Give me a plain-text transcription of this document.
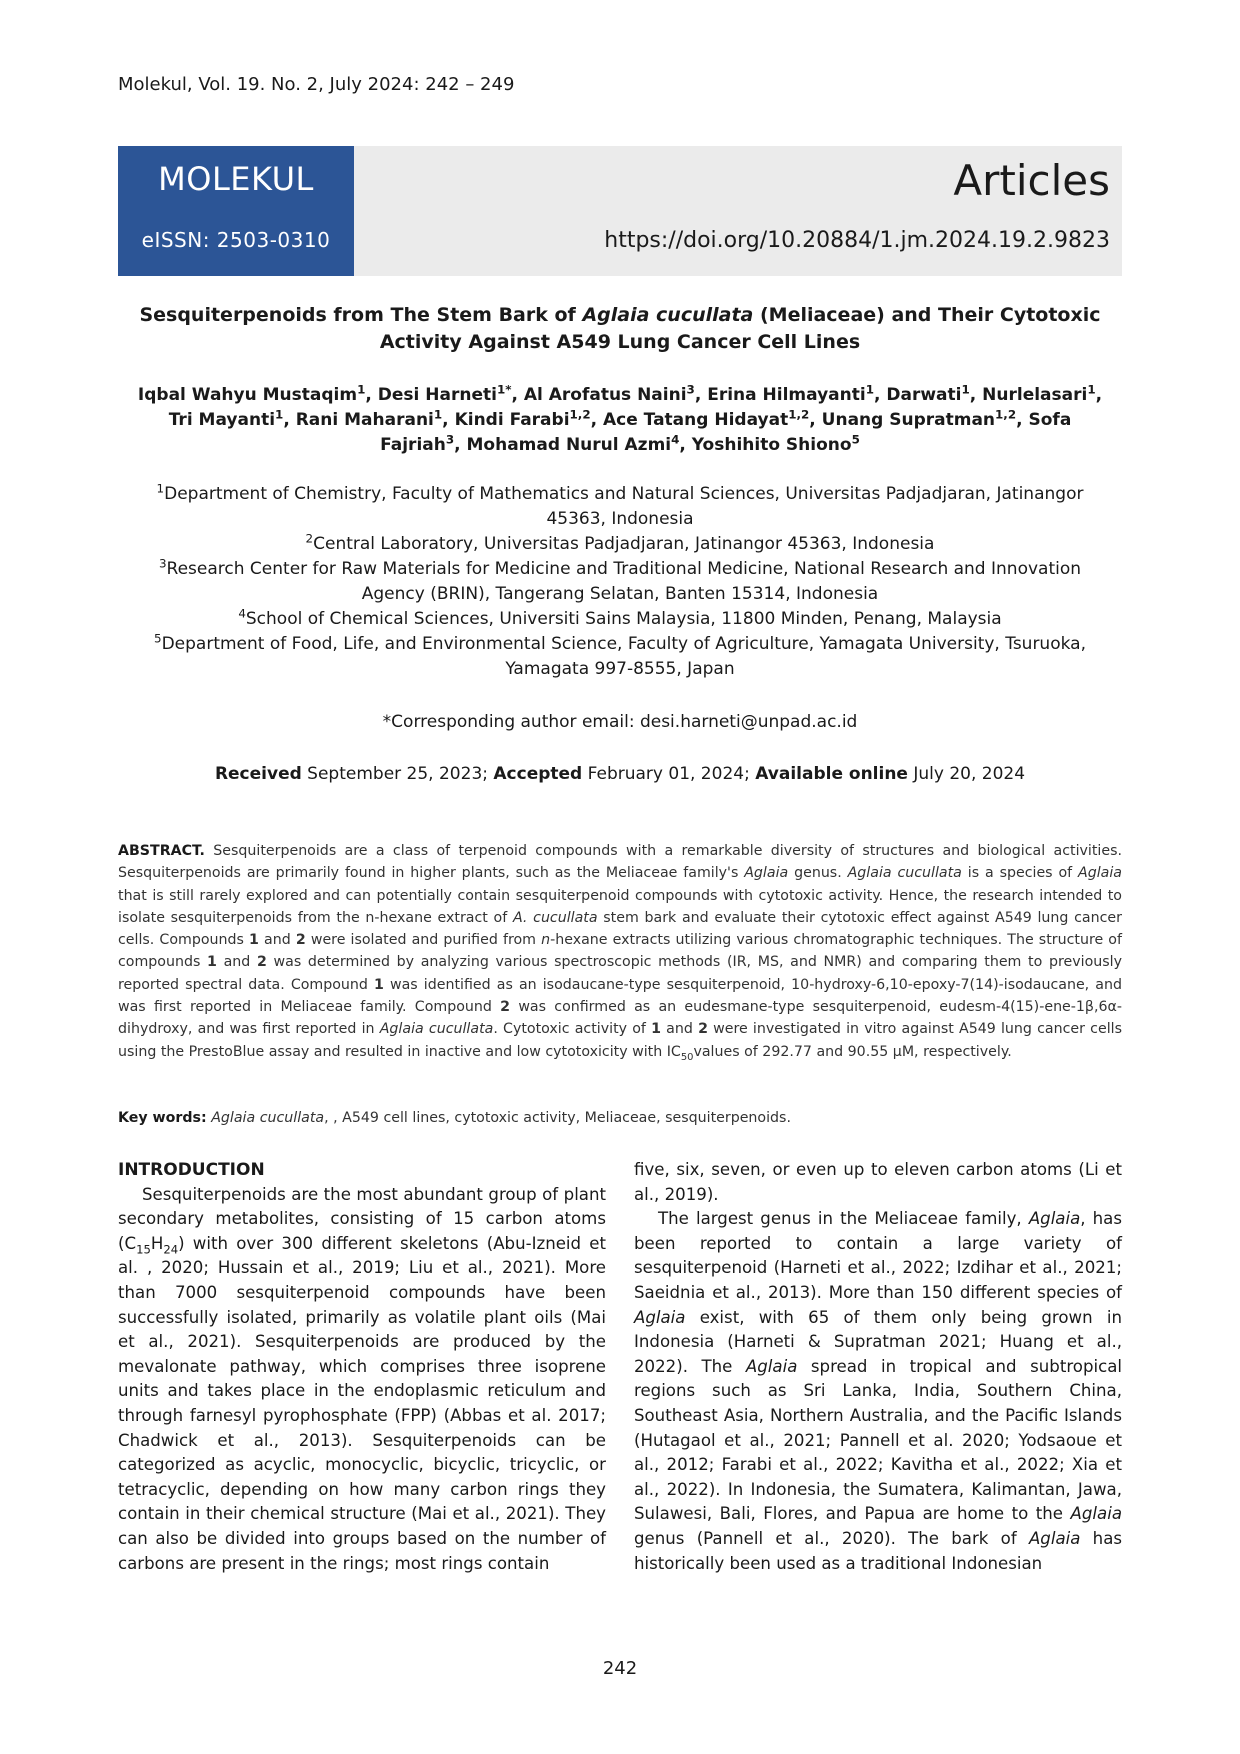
Molekul, Vol. 19. No. 2, July 2024: 242 – 249
MOLEKUL
eISSN: 2503-0310
Articles
https://doi.org/10.20884/1.jm.2024.19.2.9823
Sesquiterpenoids from The Stem Bark of Aglaia cucullata (Meliaceae) and Their Cytotoxic Activity Against A549 Lung Cancer Cell Lines
Iqbal Wahyu Mustaqim$^1$, Desi Harneti$^{1*}$, Al Arofatus Naini$^3$, Erina Hilmayanti$^1$, Darwati$^1$, Nurlelasari$^1$, Tri Mayanti$^1$, Rani Maharani$^1$, Kindi Farabi$^{1,2}$, Ace Tatang Hidayat$^{1,2}$, Unang Supratman$^{1,2}$, Sofa Fajriah$^3$, Mohamad Nurul Azmi$^4$, Yoshihito Shiono$^5$
$^1$Department of Chemistry, Faculty of Mathematics and Natural Sciences, Universitas Padjadjaran, Jatinangor 45363, Indonesia
$^2$Central Laboratory, Universitas Padjadjaran, Jatinangor 45363, Indonesia
$^3$Research Center for Raw Materials for Medicine and Traditional Medicine, National Research and Innovation Agency (BRIN), Tangerang Selatan, Banten 15314, Indonesia
$^4$School of Chemical Sciences, Universiti Sains Malaysia, 11800 Minden, Penang, Malaysia
$^5$Department of Food, Life, and Environmental Science, Faculty of Agriculture, Yamagata University, Tsuruoka, Yamagata 997-8555, Japan
*Corresponding author email: desi.harneti@unpad.ac.id
Received September 25, 2023; Accepted February 01, 2024; Available online July 20, 2024
ABSTRACT. Sesquiterpenoids are a class of terpenoid compounds with a remarkable diversity of structures and biological activities. Sesquiterpenoids are primarily found in higher plants, such as the Meliaceae family's Aglaia genus. Aglaia cucullata is a species of Aglaia that is still rarely explored and can potentially contain sesquiterpenoid compounds with cytotoxic activity. Hence, the research intended to isolate sesquiterpenoids from the n-hexane extract of A. cucullata stem bark and evaluate their cytotoxic effect against A549 lung cancer cells. Compounds 1 and 2 were isolated and purified from n-hexane extracts utilizing various chromatographic techniques. The structure of compounds 1 and 2 was determined by analyzing various spectroscopic methods (IR, MS, and NMR) and comparing them to previously reported spectral data. Compound 1 was identified as an isodaucane-type sesquiterpenoid, 10-hydroxy-6,10-epoxy-7(14)-isodaucane, and was first reported in Meliaceae family. Compound 2 was confirmed as an eudesmane-type sesquiterpenoid, eudesm-4(15)-ene-1β,6α-dihydroxy, and was first reported in Aglaia cucullata. Cytotoxic activity of 1 and 2 were investigated in vitro against A549 lung cancer cells using the PrestoBlue assay and resulted in inactive and low cytotoxicity with $IC_{50}values$ of 292.77 and 90.55 μM, respectively.
Key words: Aglaia cucullata, , A549 cell lines, cytotoxic activity, Meliaceae, sesquiterpenoids.

INTRODUCTION

Sesquiterpenoids are the most abundant group of plant secondary metabolites, consisting of 15 carbon atoms $(C_{15}H_{24})$ with over 300 different skeletons (Abu-Izneid et al. , 2020; Hussain et al., 2019; Liu et al., 2021). More than 7000 sesquiterpenoid compounds have been successfully isolated, primarily as volatile plant oils (Mai et al., 2021). Sesquiterpenoids are produced by the mevalonate pathway, which comprises three isoprene units and takes place in the endoplasmic reticulum and through farnesyl pyrophosphate (FPP) (Abbas et al. 2017; Chadwick et al., 2013). Sesquiterpenoids can be categorized as acyclic, monocyclic, bicyclic, tricyclic, or tetracyclic, depending on how many carbon rings they contain in their chemical structure (Mai et al., 2021). They can also be divided into groups based on the number of carbons are present in the rings; most rings contain

five, six, seven, or even up to eleven carbon atoms (Li et al., 2019).

The largest genus in the Meliaceae family, Aglaia, has been reported to contain a large variety of sesquiterpenoid (Harneti et al., 2022; Izdihar et al., 2021; Saeidnia et al., 2013). More than 150 different species of Aglaia exist, with 65 of them only being grown in Indonesia (Harneti & Supratman 2021; Huang et al., 2022). The Aglaia spread in tropical and subtropical regions such as Sri Lanka, India, Southern China, Southeast Asia, Northern Australia, and the Pacific Islands (Hutagaol et al., 2021; Pannell et al. 2020; Yodsaoue et al., 2012; Farabi et al., 2022; Kavitha et al., 2022; Xia et al., 2022). In Indonesia, the Sumatera, Kalimantan, Jawa, Sulawesi, Bali, Flores, and Papua are home to the Aglaia genus (Pannell et al., 2020). The bark of Aglaia has historically been used as a traditional Indonesian

242
